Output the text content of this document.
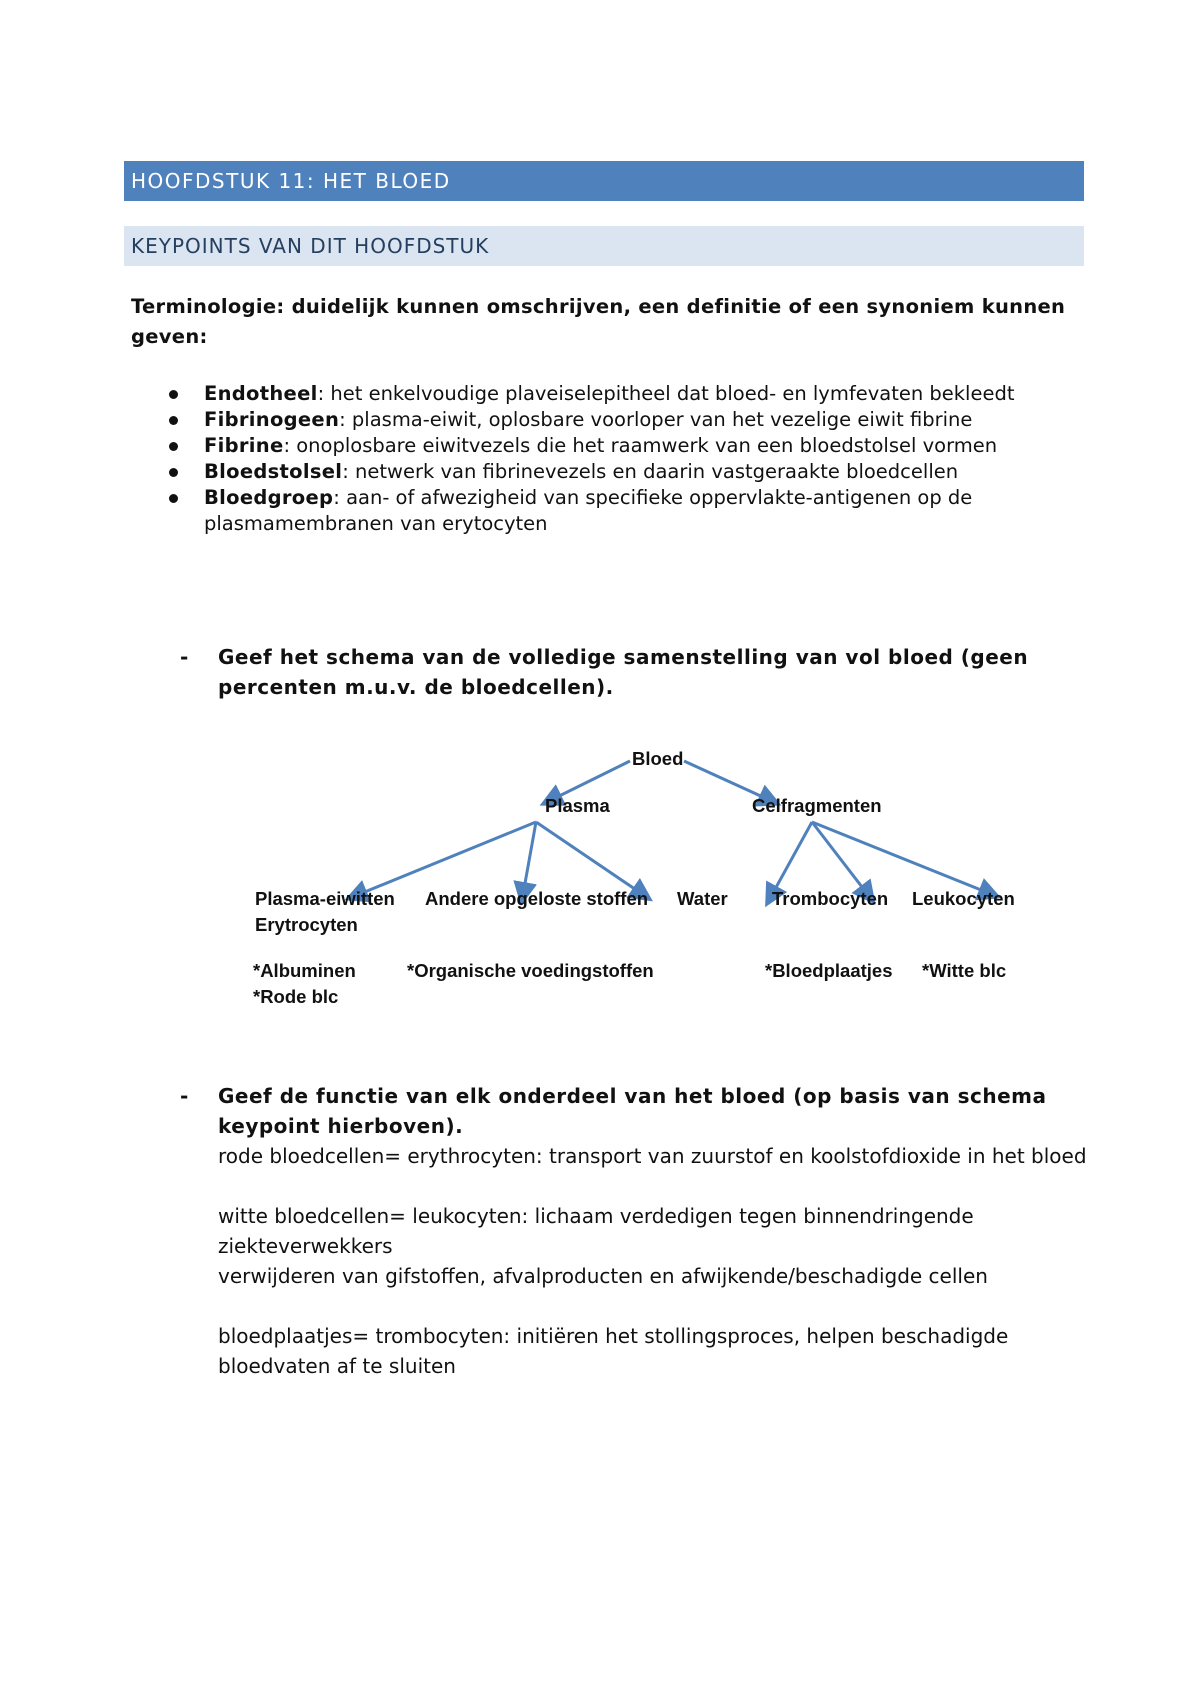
HOOFDSTUK 11: HET BLOED
KEYPOINTS VAN DIT HOOFDSTUK
Terminologie: duidelijk kunnen omschrijven, een definitie of een synoniem kunnen geven:
Endotheel: het enkelvoudige plaveiselepitheel dat bloed- en lymfevaten bekleedt
Fibrinogeen: plasma-eiwit, oplosbare voorloper van het vezelige eiwit fibrine
Fibrine: onoplosbare eiwitvezels die het raamwerk van een bloedstolsel vormen
Bloedstolsel: netwerk van fibrinevezels en daarin vastgeraakte bloedcellen
Bloedgroep: aan- of afwezigheid van specifieke oppervlakte-antigenen op de plasmamembranen van erytocyten
- Geef het schema van de volledige samenstelling van vol bloed (geen percenten m.u.v. de bloedcellen).
Bloed
Plasma	Celfragmenten
Plasma-eiwitten Andere opgeloste stoffen Water Trombocyten Leukocyten
Erytrocyten
*Albuminen	*Organische voedingstoffen	*Bloedplaatjes *Witte blc
*Rode blc
- Geef de functie van elk onderdeel van het bloed (op basis van schema keypoint hierboven).
rode bloedcellen= erythrocyten: transport van zuurstof en koolstofdioxide in het bloed
witte bloedcellen= leukocyten: lichaam verdedigen tegen binnendringende ziekteverwekkers
verwijderen van gifstoffen, afvalproducten en afwijkende/beschadigde cellen
bloedplaatjes= trombocyten: initiëren het stollingsproces, helpen beschadigde bloedvaten af te sluiten
